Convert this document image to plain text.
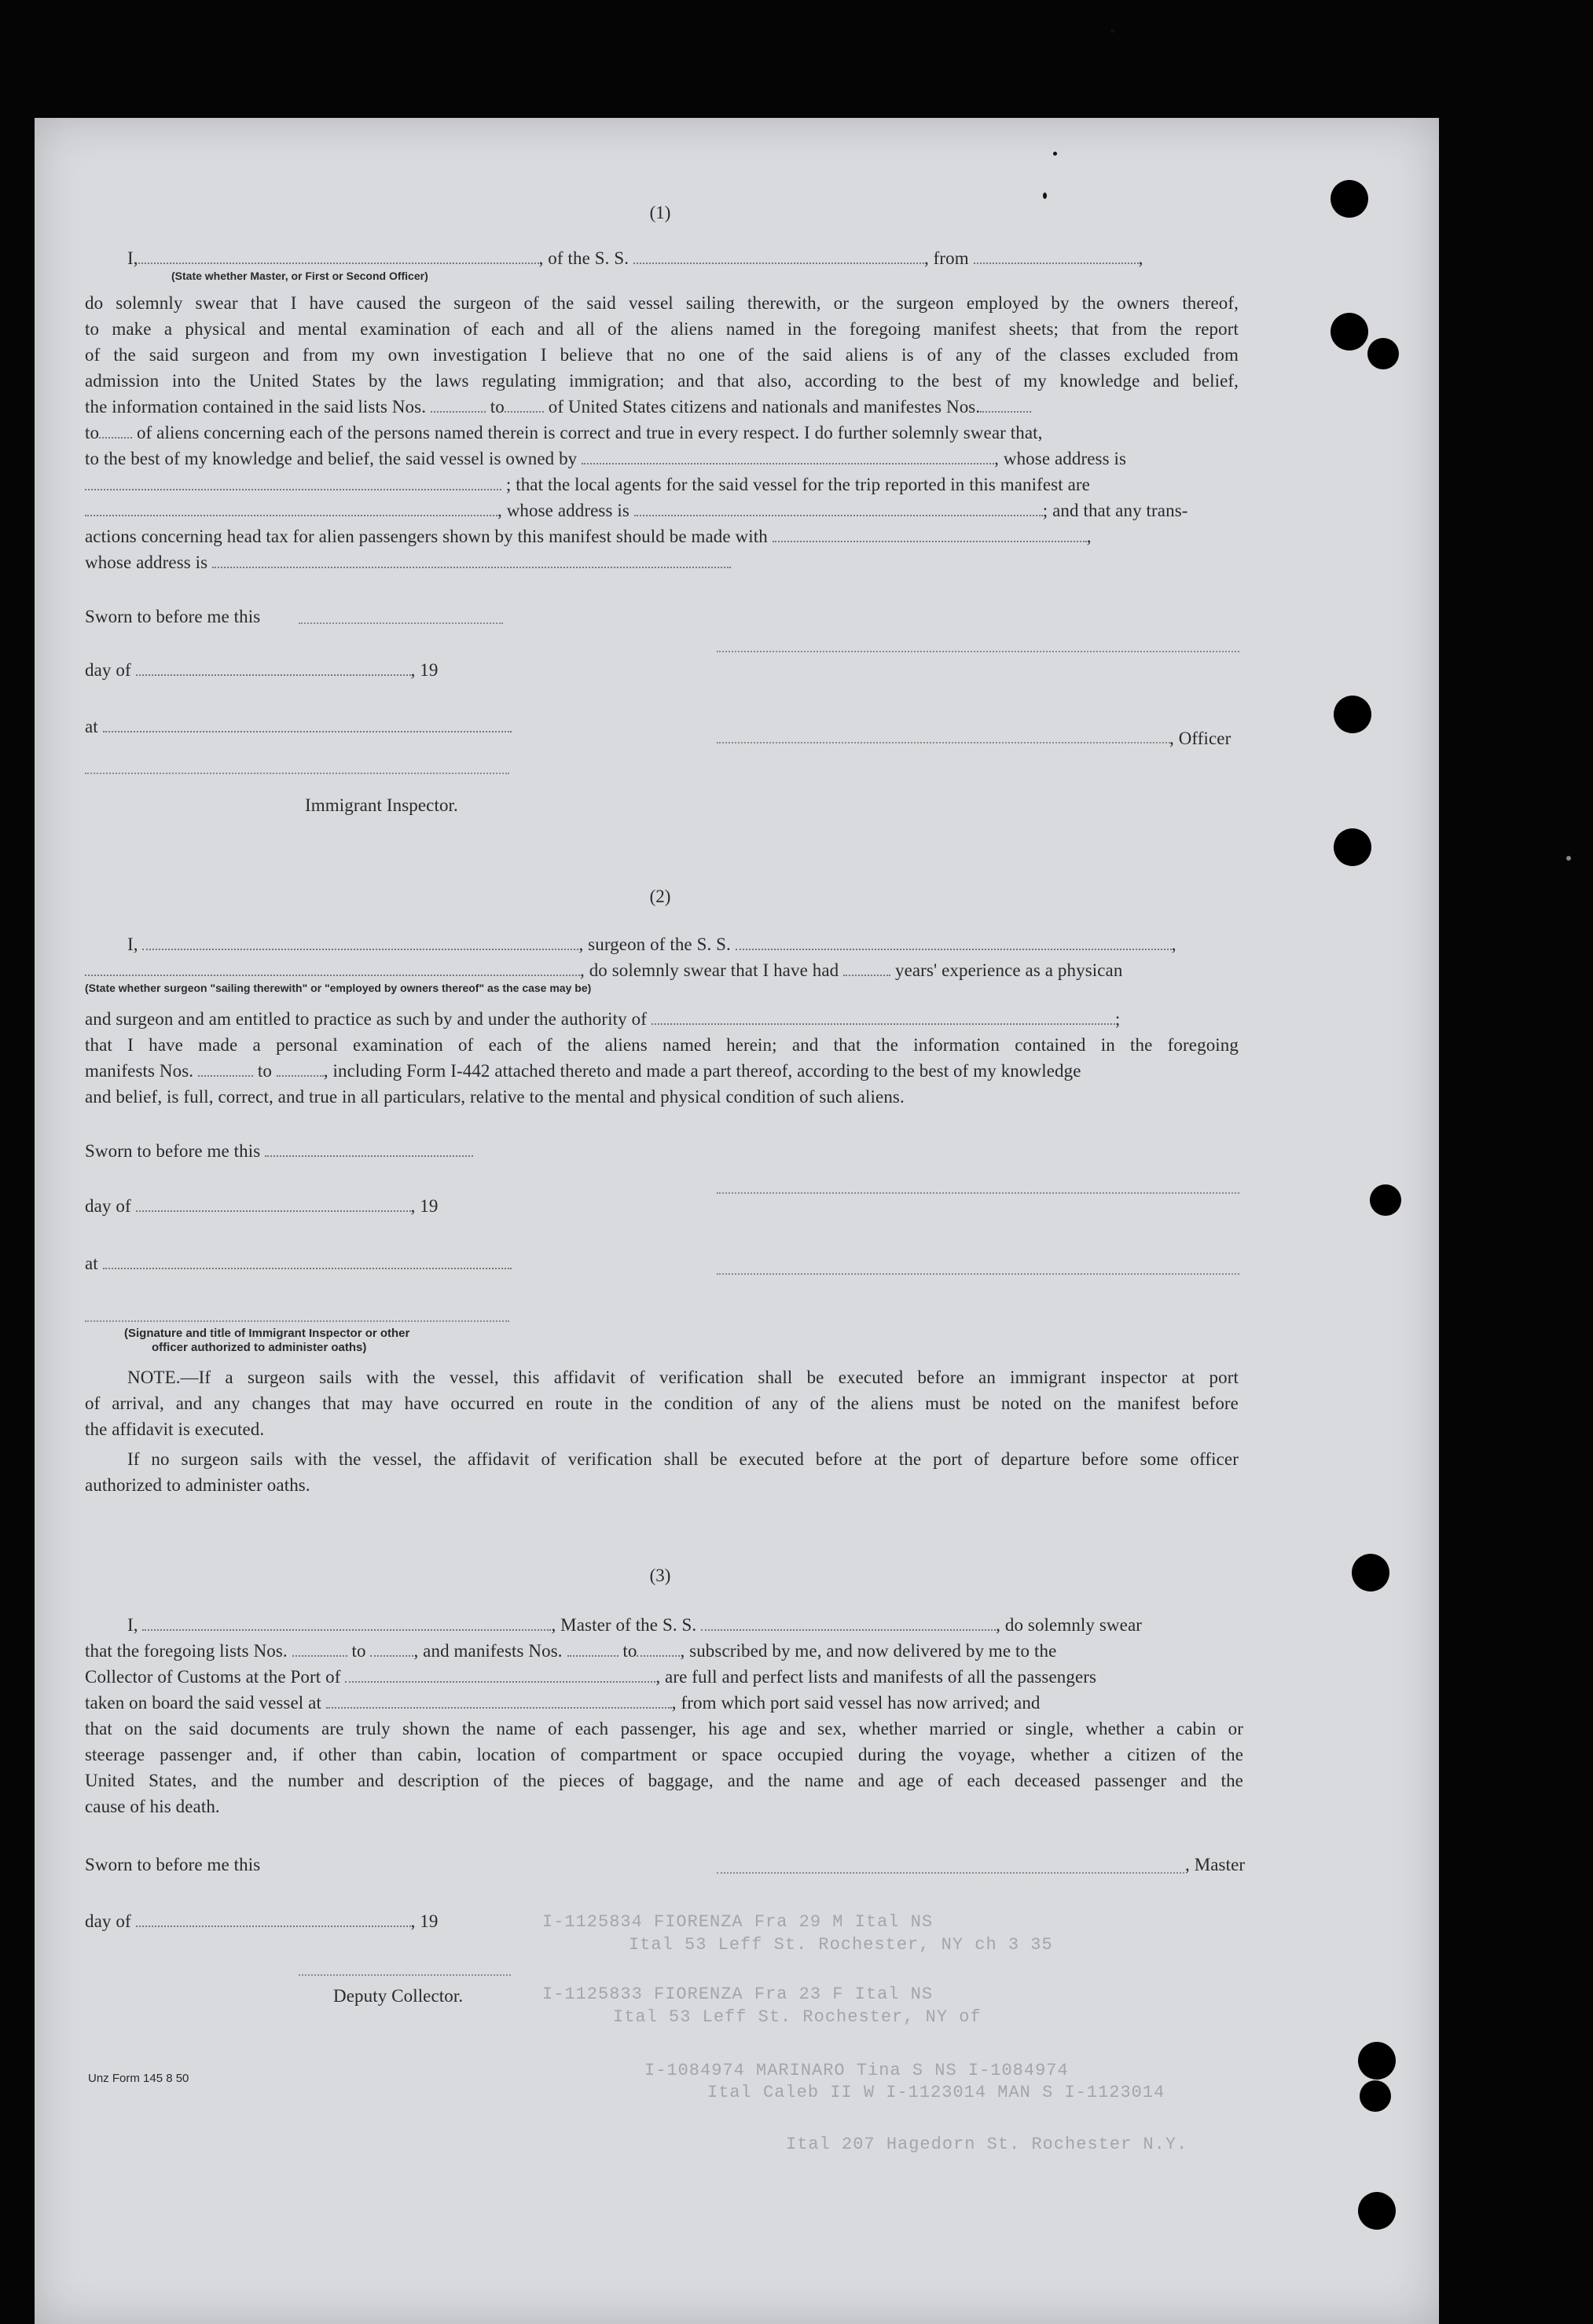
(1)
I,	, of the S. S.	, from	,
(State whether Master, or First or Second Officer)
do solemnly swear that I have caused the surgeon of the said vessel sailing therewith, or the surgeon employed by the owners thereof,
to make a physical and mental examination of each and all of the aliens named in the foregoing manifest sheets; that from the report
of the said surgeon and from my own investigation I believe that no one of the said aliens is of any of the classes excluded from
admission into the United States by the laws regulating immigration; and that also, according to the best of my knowledge and belief,
the information contained in the said lists Nos.	to of United States citizens and nationals and manifestes Nos.
to of aliens concerning each of the persons named therein is correct and true in every respect. I do further solemnly swear that,
to the best of my knowledge and belief, the said vessel is owned by	, whose address is
; that the local agents for the said vessel for the trip reported in this manifest are
, whose address is	; and that any trans-
actions concerning head tax for alien passengers shown by this manifest should be made with	,
whose address is
Sworn to before me this
day of	, 19
at
, Officer
Immigrant Inspector.
(2)
I,	, surgeon of the S. S.	,
, do solemnly swear that I have had	years' experience as a physican
(State whether surgeon "sailing therewith" or "employed by owners thereof" as the case may be)
and surgeon and am entitled to practice as such by and under the authority of	;
that I have made a personal examination of each of the aliens named herein; and that the information contained in the foregoing
manifests Nos.	to	, including Form I-442 attached thereto and made a part thereof, according to the best of my knowledge
and belief, is full, correct, and true in all particulars, relative to the mental and physical condition of such aliens.
Sworn to before me this
day of	, 19
at
(Signature and title of Immigrant Inspector or other
officer authorized to administer oaths)
NOTE.—If a surgeon sails with the vessel, this affidavit of verification shall be executed before an immigrant inspector at port
of arrival, and any changes that may have occurred en route in the condition of any of the aliens must be noted on the manifest before
the affidavit is executed.
If no surgeon sails with the vessel, the affidavit of verification shall be executed before at the port of departure before some officer
authorized to administer oaths.
(3)
I,	, Master of the S. S.	, do solemnly swear
that the foregoing lists Nos.	to	, and manifests Nos.	to , subscribed by me, and now delivered by me to the
Collector of Customs at the Port of	, are full and perfect lists and manifests of all the passengers
taken on board the said vessel at	, from which port said vessel has now arrived; and
that on the said documents are truly shown the name of each passenger, his age and sex, whether married or single, whether a cabin or
steerage passenger and, if other than cabin, location of compartment or space occupied during the voyage, whether a citizen of the
United States, and the number and description of the pieces of baggage, and the name and age of each deceased passenger and the
cause of his death.
Sworn to before me this	, Master
day of	, 19
Deputy Collector.
I-1125834 FIORENZA Fra 29 M Ital NS
Ital 53 Leff St. Rochester, NY ch 3 35
I-1125833 FIORENZA Fra 23 F Ital NS
Ital 53 Leff St. Rochester, NY of
I-1084974 MARINARO Tina S NS I-1084974
Ital Caleb II W I-1123014 MAN S I-1123014
Ital 207 Hagedorn St. Rochester N.Y.
Unz Form 145 8 50
